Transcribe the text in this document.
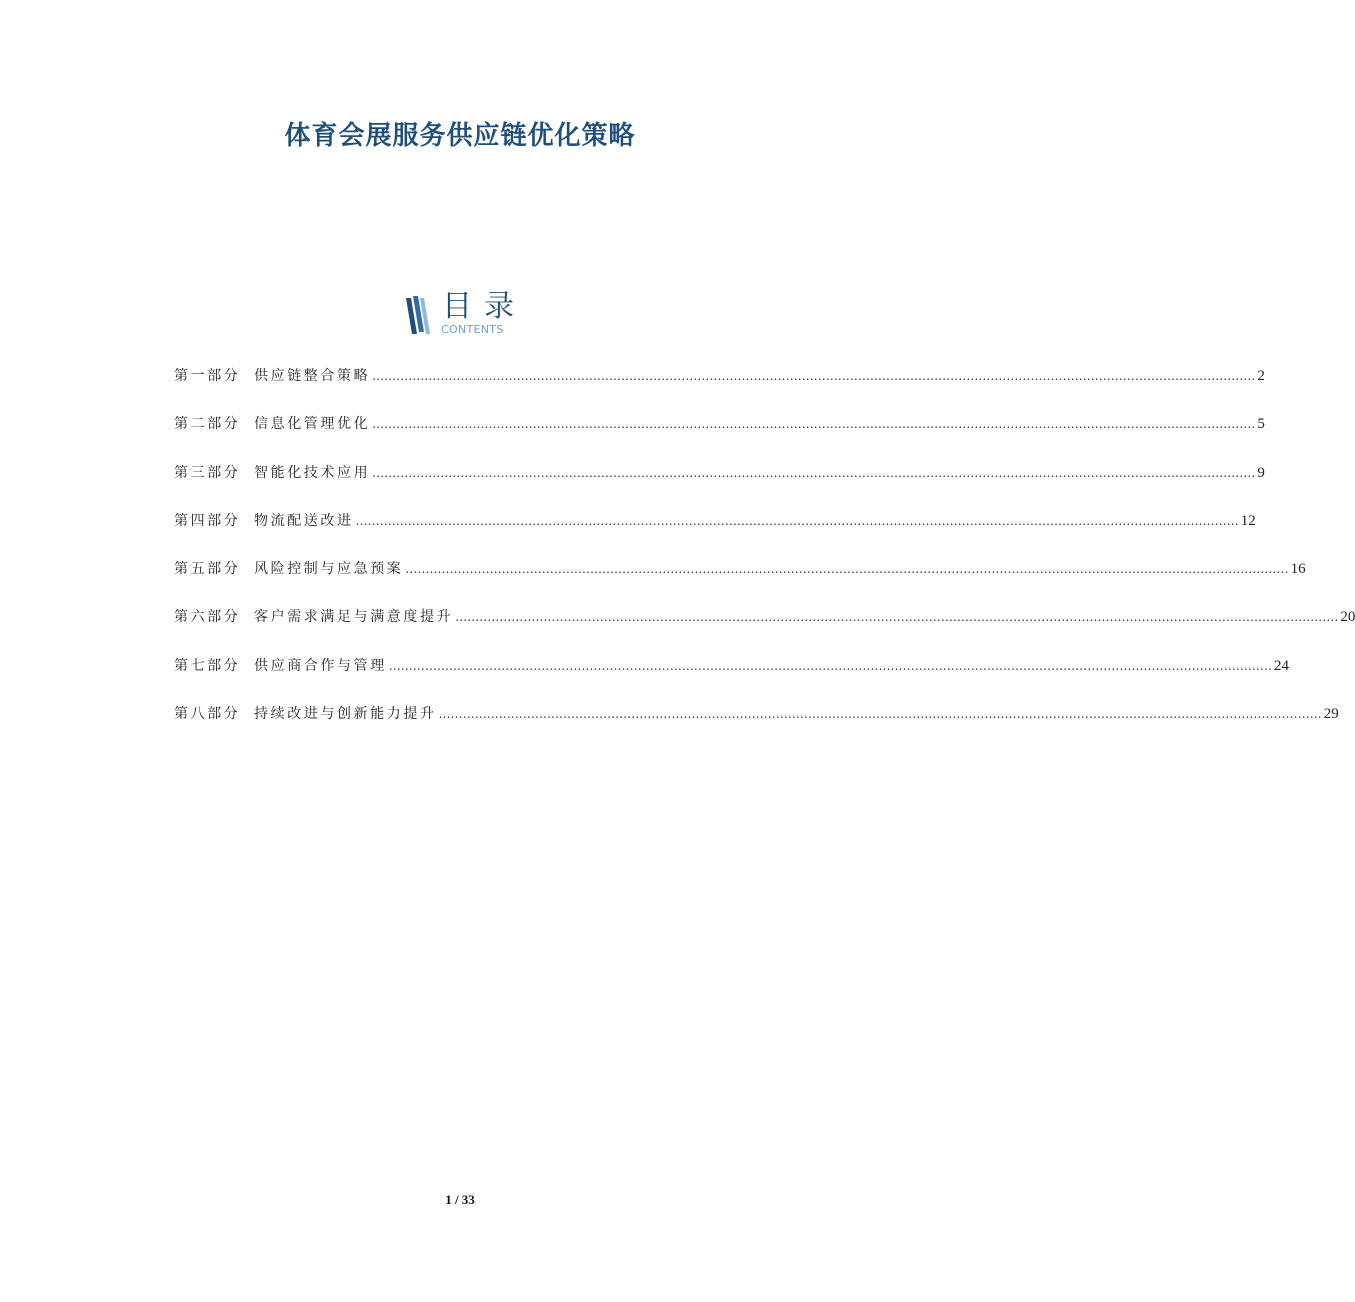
体育会展服务供应链优化策略
目录
CONTENTS
第一部分 供应链整合策略 ............................................................................................................................................................................................................................ 2
第二部分 信息化管理优化 ............................................................................................................................................................................................................................ 5
第三部分 智能化技术应用 ............................................................................................................................................................................................................................ 9
第四部分 物流配送改进 ............................................................................................................................................................................................................................ 12
第五部分 风险控制与应急预案 ............................................................................................................................................................................................................................ 16
第六部分 客户需求满足与满意度提升 ............................................................................................................................................................................................................................ 20
第七部分 供应商合作与管理 ............................................................................................................................................................................................................................ 24
第八部分 持续改进与创新能力提升 ............................................................................................................................................................................................................................ 29
1 / 33
